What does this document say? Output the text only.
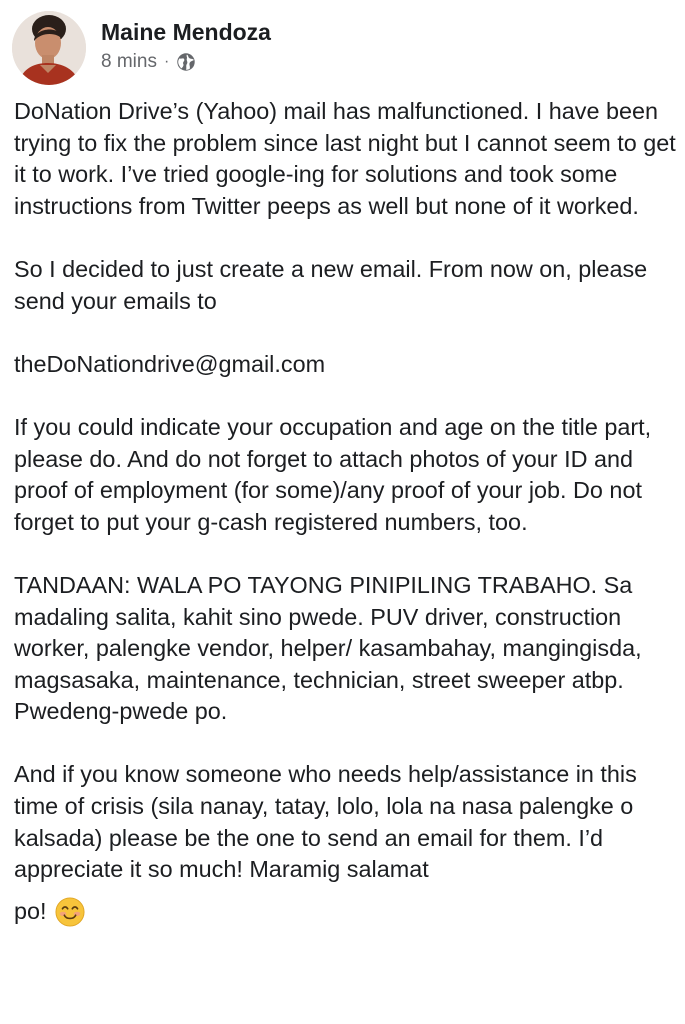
Maine Mendoza
8 mins ·

DoNation Drive’s (Yahoo) mail has malfunctioned. I have been trying to fix the problem since last night but I cannot seem to get it to work. I’ve tried google-ing for solutions and took some instructions from Twitter peeps as well but none of it worked.

So I decided to just create a new email. From now on, please send your emails to

theDoNationdrive@gmail.com

If you could indicate your occupation and age on the title part, please do. And do not forget to attach photos of your ID and proof of employment (for some)/any proof of your job. Do not forget to put your g-cash registered numbers, too.

TANDAAN: WALA PO TAYONG PINIPILING TRABAHO. Sa madaling salita, kahit sino pwede. PUV driver, construction worker, palengke vendor, helper/ kasambahay, mangingisda, magsasaka, maintenance, technician, street sweeper atbp. Pwedeng-pwede po.

And if you know someone who needs help/assistance in this time of crisis (sila nanay, tatay, lolo, lola na nasa palengke o kalsada) please be the one to send an email for them. I’d appreciate it so much! Maramig salamat

po!
